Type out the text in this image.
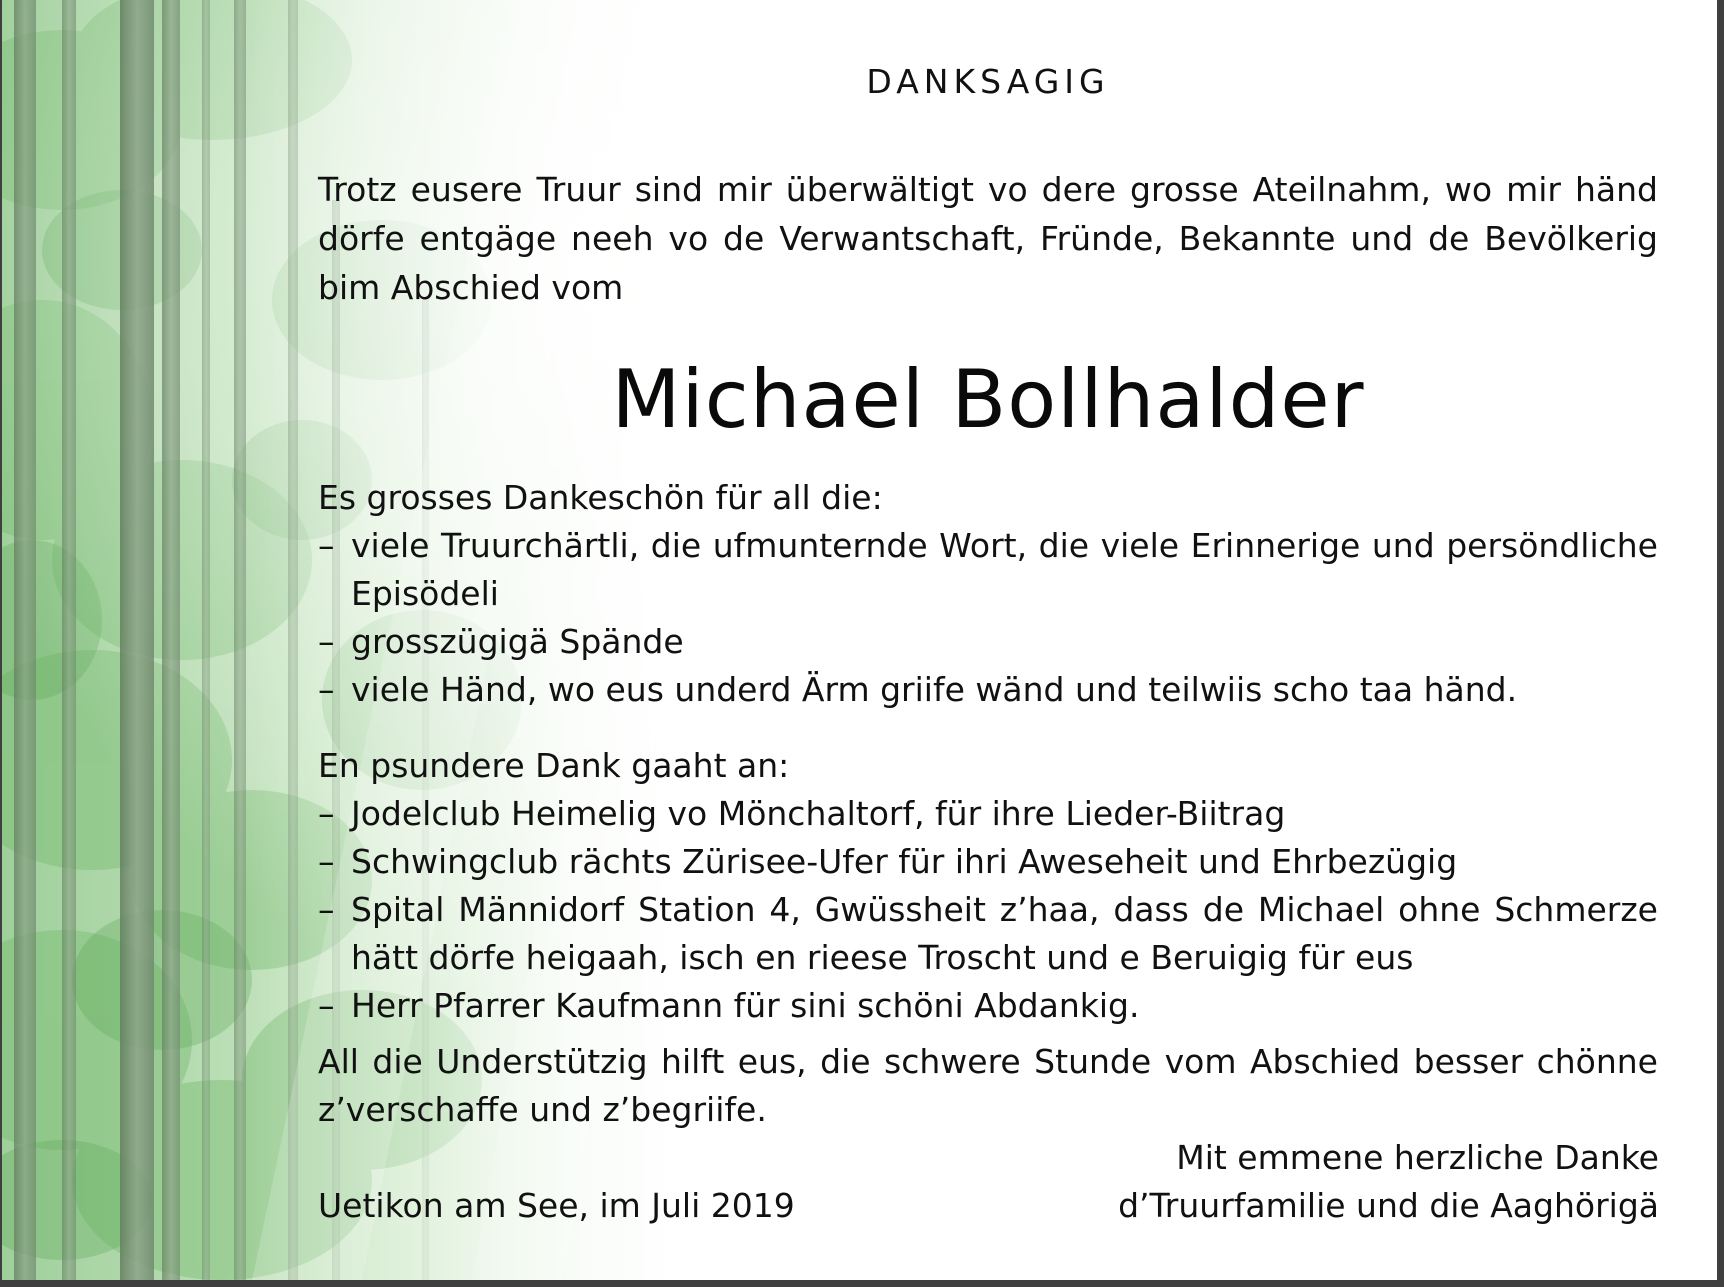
DANKSAGIG
Trotz eusere Truur sind mir überwältigt vo dere grosse Ateilnahm, wo mir händ dörfe entgäge neeh vo de Verwantschaft, Fründe, Bekannte und de Bevölkerig bim Abschied vom
Michael Bollhalder

Es grosses Dankeschön für all die:

– viele Truurchärtli, die ufmunternde Wort, die viele Erinnerige und persöndliche Episödeli
– grosszügigä Spände
– viele Händ, wo eus underd Ärm griife wänd und teilwiis scho taa händ.

En psundere Dank gaaht an:

– Jodelclub Heimelig vo Mönchaltorf, für ihre Lieder-Biitrag
– Schwingclub rächts Zürisee-Ufer für ihri Aweseheit und Ehrbezügig
– Spital Männidorf Station 4, Gwüssheit z’haa, dass de Michael ohne Schmerze hätt dörfe heigaah, isch en rieese Troscht und e Beruigig für eus
– Herr Pfarrer Kaufmann für sini schöni Abdankig.
All die Understützig hilft eus, die schwere Stunde vom Abschied besser chönne z’verschaffe und z’begriife.
Mit emmene herzliche Danke
d’Truurfamilie und die Aaghörigä
Uetikon am See, im Juli 2019
